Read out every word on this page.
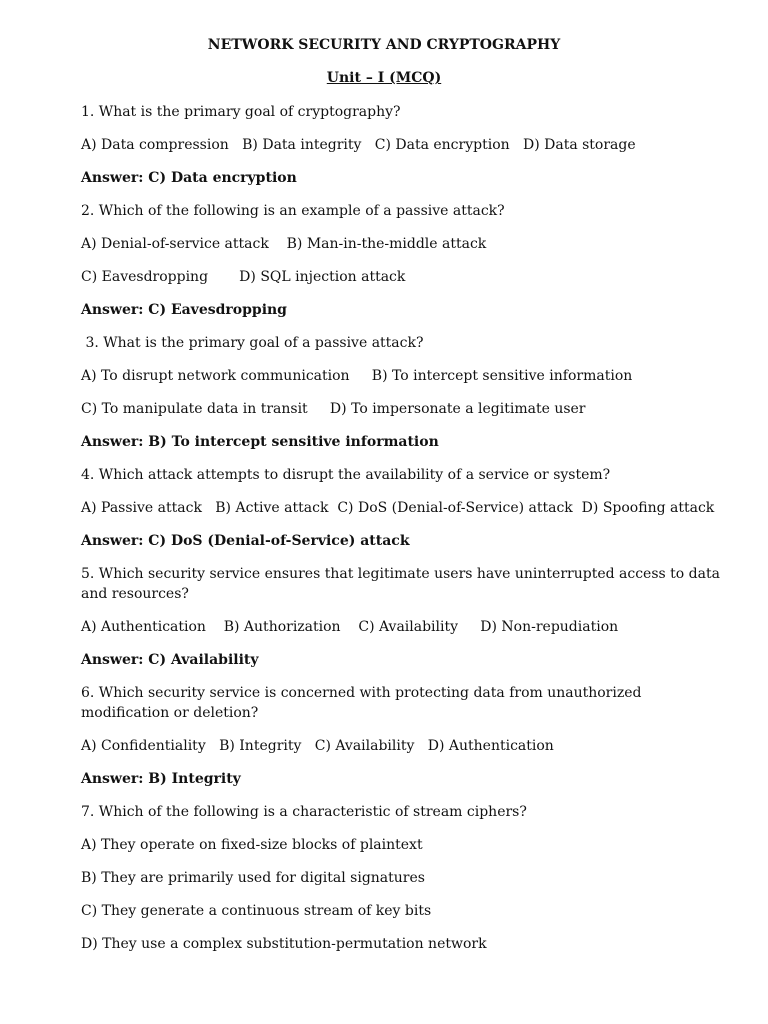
NETWORK SECURITY AND CRYPTOGRAPHY
Unit – I (MCQ)
1. What is the primary goal of cryptography?
A) Data compression   B) Data integrity   C) Data encryption   D) Data storage
Answer: C) Data encryption
2. Which of the following is an example of a passive attack?
A) Denial-of-service attack    B) Man-in-the-middle attack
C) Eavesdropping       D) SQL injection attack
Answer: C) Eavesdropping
3. What is the primary goal of a passive attack?
A) To disrupt network communication     B) To intercept sensitive information
C) To manipulate data in transit     D) To impersonate a legitimate user
Answer: B) To intercept sensitive information
4. Which attack attempts to disrupt the availability of a service or system?
A) Passive attack   B) Active attack  C) DoS (Denial-of-Service) attack  D) Spoofing attack
Answer: C) DoS (Denial-of-Service) attack
5. Which security service ensures that legitimate users have uninterrupted access to data and resources?
A) Authentication    B) Authorization    C) Availability     D) Non-repudiation
Answer: C) Availability
6. Which security service is concerned with protecting data from unauthorized modification or deletion?
A) Confidentiality   B) Integrity   C) Availability   D) Authentication
Answer: B) Integrity
7. Which of the following is a characteristic of stream ciphers?
A) They operate on fixed-size blocks of plaintext
B) They are primarily used for digital signatures
C) They generate a continuous stream of key bits
D) They use a complex substitution-permutation network
